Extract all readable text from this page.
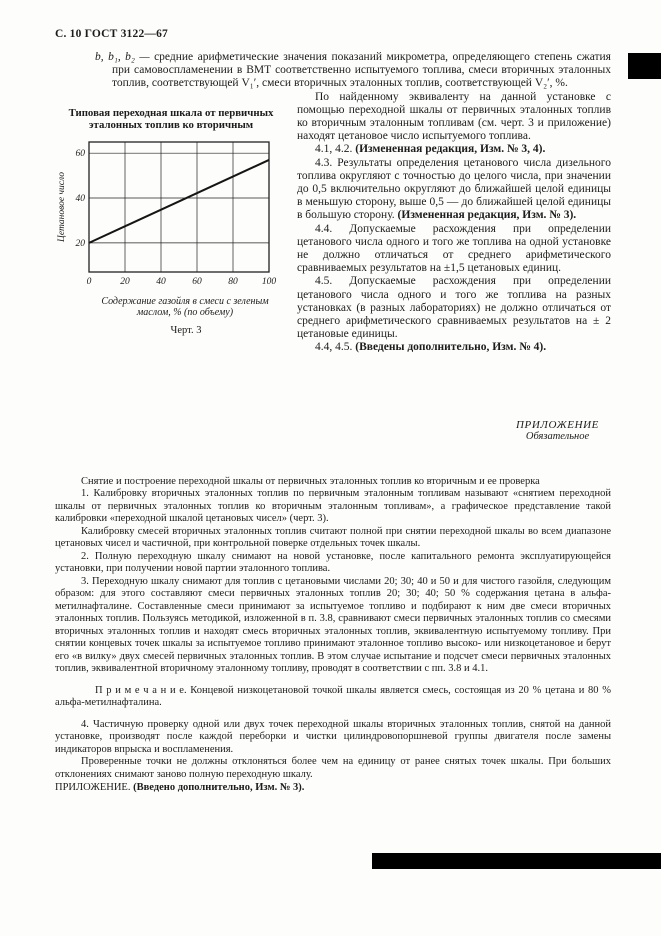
С. 10 ГОСТ 3122—67

b, b₁, b₂ — средние арифметические значения показаний микрометра, определяющего степень сжатия при самовоспламенении в ВМТ соответственно испытуемого топлива, смеси вторичных эталонных топлив, соответствующей V₁′, смеси вторичных эталонных топлив, соответствующей V₂′, %.

Типовая переходная шкала от первичных эталонных топлив ко вторичным
0	20	40	60	80	100
20
40
60
Цетановое число
Содержание газойля в смеси с зеленым маслом, % (по объему)
Черт. 3

По найденному эквиваленту на данной установке с помощью переходной шкалы от первичных эталонных топлив ко вторичным эталонным топливам (см. черт. 3 и приложение) находят цетановое число испытуемого топлива.

4.1, 4.2. (Измененная редакция, Изм. № 3, 4).

4.3. Результаты определения цетанового числа дизельного топлива округляют с точностью до целого числа, при значении до 0,5 включительно округляют до ближайшей целой единицы в меньшую сторону, выше 0,5 — до ближайшей целой единицы в большую сторону. (Измененная редакция, Изм. № 3).

4.4. Допускаемые расхождения при определении цетанового числа одного и того же топлива на одной установке не должно отличаться от среднего арифметического сравниваемых результатов на ±1,5 цетановых единиц.

4.5. Допускаемые расхождения при определении цетанового числа одного и того же топлива на разных установках (в разных лабораториях) не должно отличаться от среднего арифметического сравниваемых результатов на ± 2 цетановые единицы.

4.4, 4.5. (Введены дополнительно, Изм. № 4).

ПРИЛОЖЕНИЕ
Обязательное

Снятие и построение переходной шкалы от первичных эталонных топлив ко вторичным и ее проверка

1. Калибровку вторичных эталонных топлив по первичным эталонным топливам называют «снятием переходной шкалы от первичных эталонных топлив ко вторичным эталонным топливам», а графическое представление такой калибровки «переходной шкалой цетановых чисел» (черт. 3).

Калибровку смесей вторичных эталонных топлив считают полной при снятии переходной шкалы во всем диапазоне цетановых чисел и частичной, при контрольной поверке отдельных точек шкалы.

2. Полную переходную шкалу снимают на новой установке, после капитального ремонта эксплуатирующейся установки, при получении новой партии эталонного топлива.

3. Переходную шкалу снимают для топлив с цетановыми числами 20; 30; 40 и 50 и для чистого газойля, следующим образом: для этого составляют смеси первичных эталонных топлив 20; 30; 40; 50 % содержания цетана в альфа-метилнафталине. Составленные смеси принимают за испытуемое топливо и подбирают к ним две смеси вторичных эталонных топлив. Пользуясь методикой, изложенной в п. 3.8, сравнивают смеси первичных эталонных топлив со смесями вторичных эталонных топлив и находят смесь вторичных эталонных топлив, эквивалентную испытуемому топливу. При снятии концевых точек шкалы за испытуемое топливо принимают эталонное топливо высоко- или низкоцетановое и берут его «в вилку» двух смесей первичных эталонных топлив. В этом случае испытание и подсчет смеси первичных эталонных топлив, эквивалентной вторичному эталонному топливу, проводят в соответствии с пп. 3.8 и 4.1.

П р и м е ч а н и е. Концевой низкоцетановой точкой шкалы является смесь, состоящая из 20 % цетана и 80 % альфа-метилнафталина.

4. Частичную проверку одной или двух точек переходной шкалы вторичных эталонных топлив, снятой на данной установке, производят после каждой переборки и чистки цилиндровопоршневой группы двигателя после замены индикаторов впрыска и воспламенения.

Проверенные точки не должны отклоняться более чем на единицу от ранее снятых точек шкалы. При больших отклонениях снимают заново полную переходную шкалу.

ПРИЛОЖЕНИЕ. (Введено дополнительно, Изм. № 3).
